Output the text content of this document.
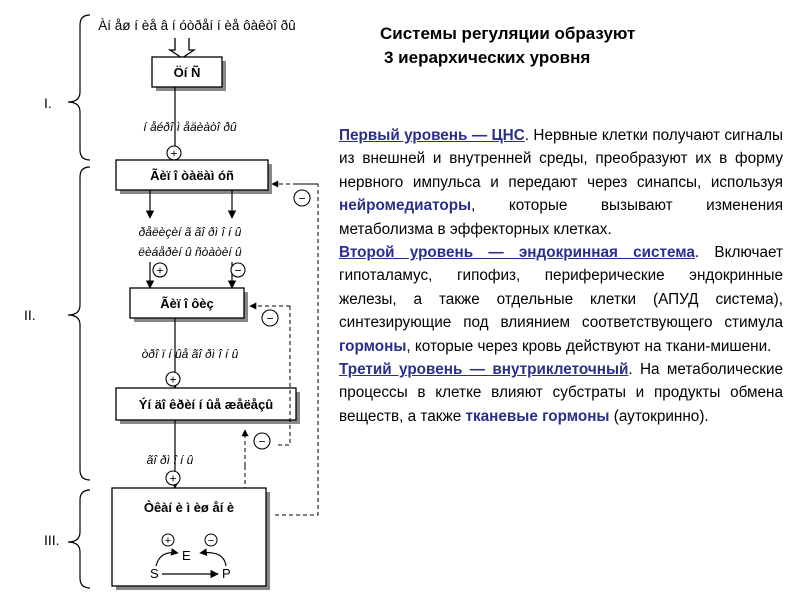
Àí åø í èå â í óòðåí í èå ôàêòî ðû
I.
II.
III.
Öí Ñ
í åéðî ì åäèàòî ðû
+
Ãèï î òàëàì óñ
ðåëèçèí ã ãî ðì î í û
ëèáåðèí û ñòàòèí û
+	−
Ãèï î ôèç
òðî ï í ûå ãî ðì î í û
+
Ýí äî êðèí í ûå æåëåçû
ãî ðì î í û
+
Òêàí è ì èø åí è
S
E
P
+	−
−
−
−
Системы регуляции образуют
3 иерархических уровня

Первый уровень — ЦНС. Нервные клетки получают сигналы из внешней и внутренней среды, преобразуют их в форму нервного импульса и передают через синапсы, используя нейромедиаторы, которые вызывают изменения метаболизма в эффекторных клетках.

Второй уровень — эндокринная система. Включает гипоталамус, гипофиз, периферические эндокринные железы, а также отдельные клетки (АПУД система), синтезирующие под влиянием соответствующего стимула гормоны, которые через кровь действуют на ткани-мишени.

Третий уровень — внутриклеточный. На метаболические процессы в клетке влияют субстраты и продукты обмена веществ, а также тканевые гормоны (аутокринно).
